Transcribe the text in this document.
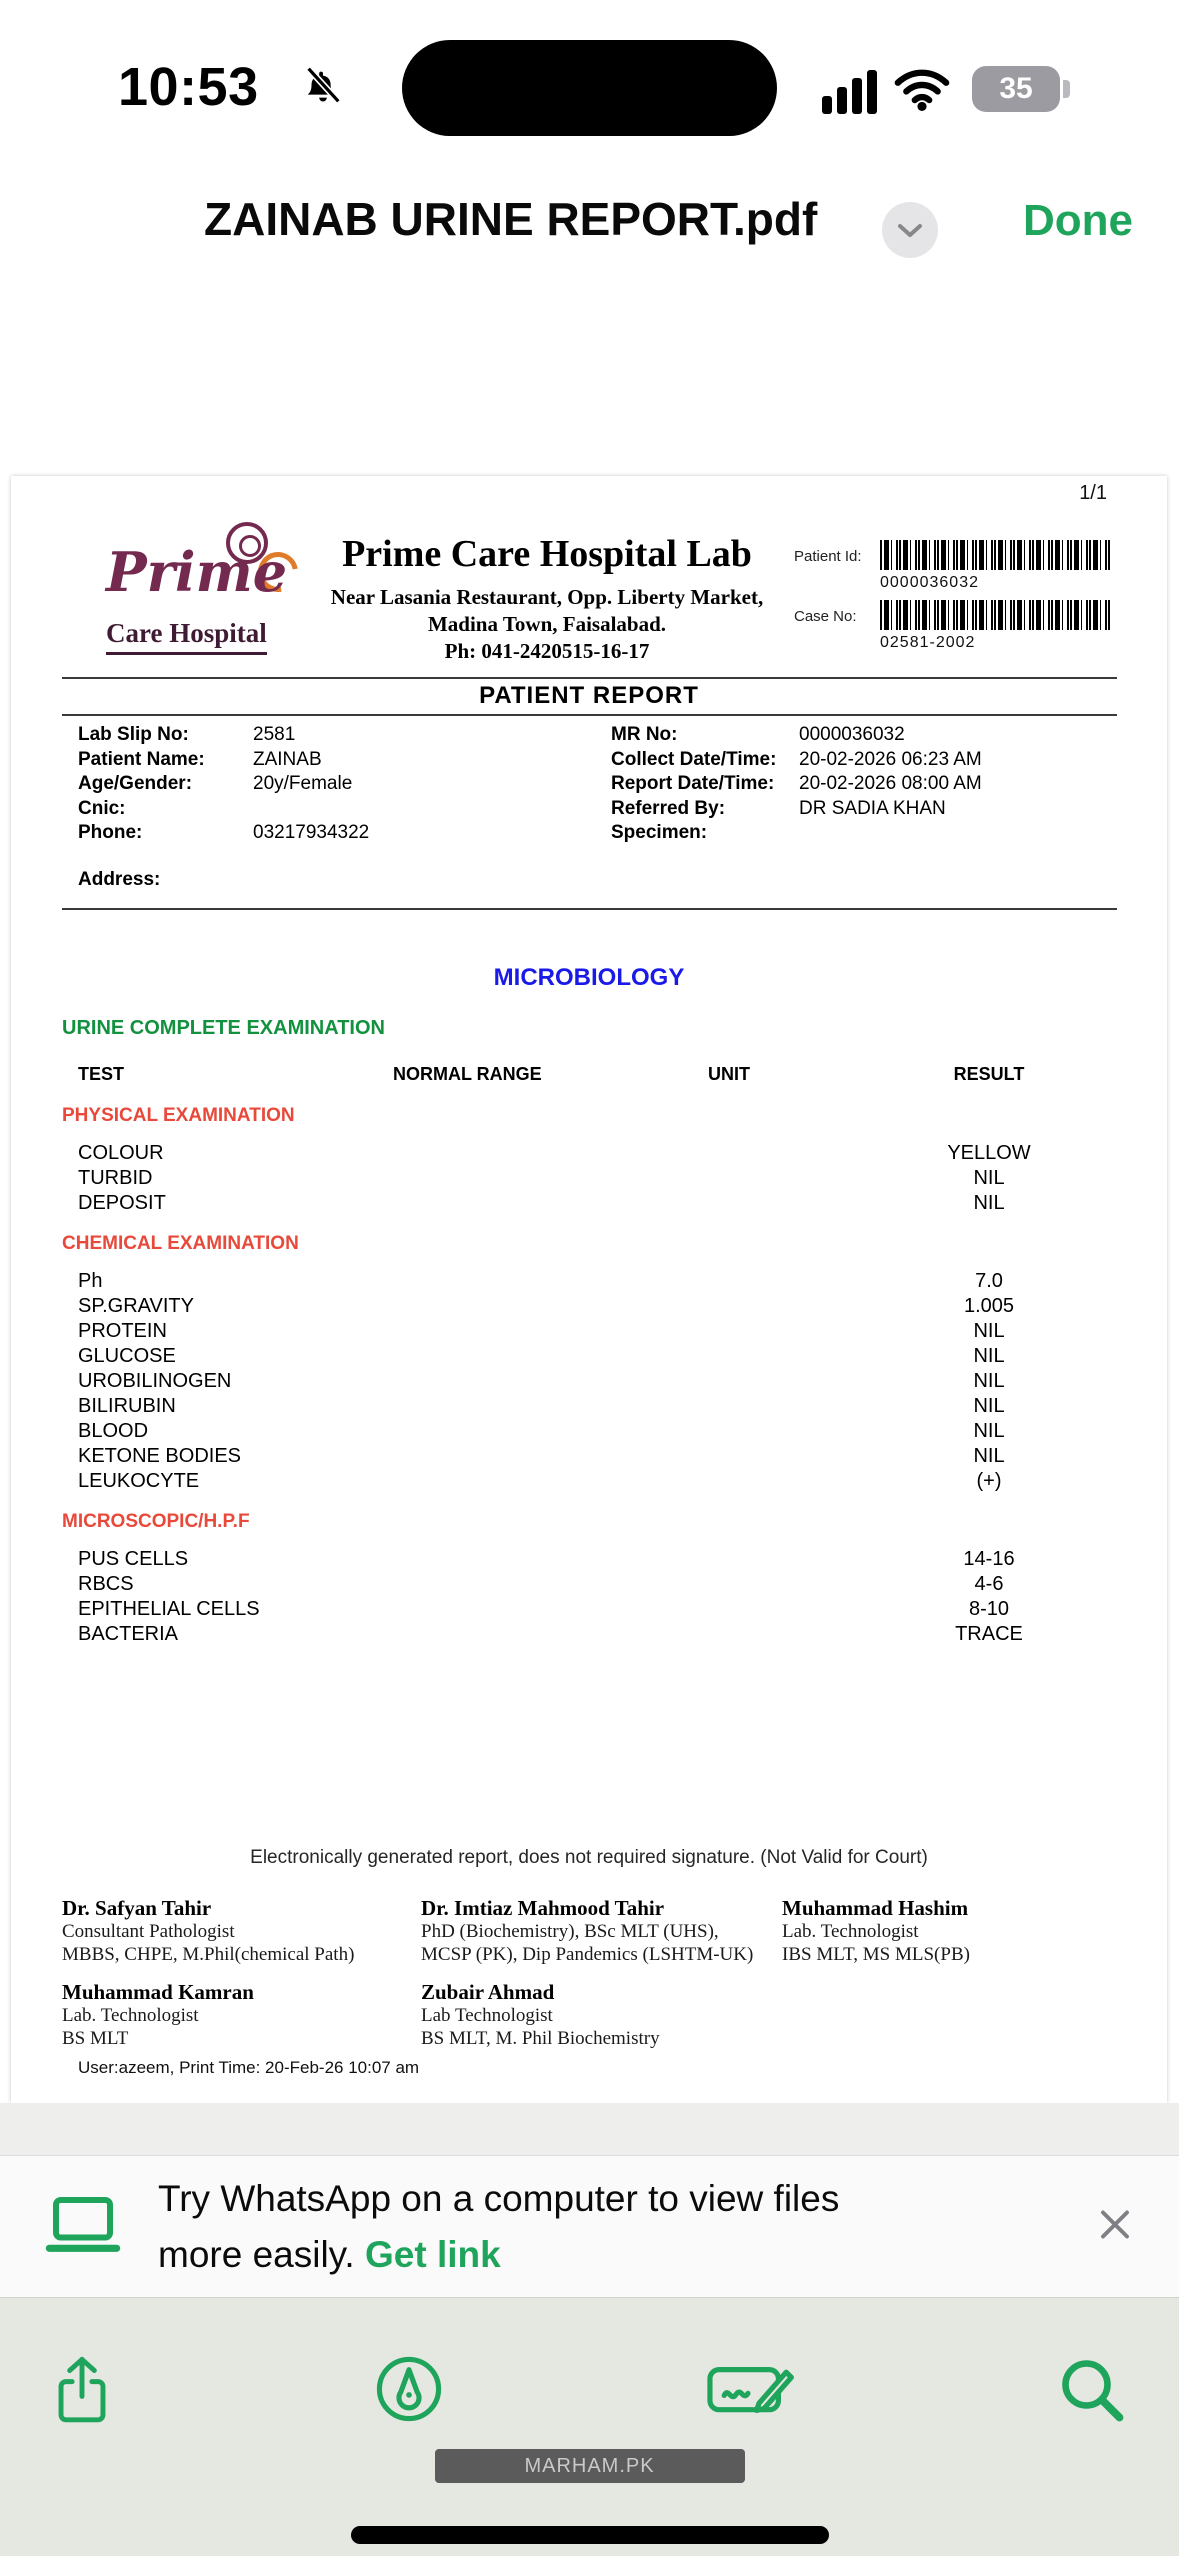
10:53	35
ZAINAB URINE REPORT.pdf	Done
1/1
Prime
Care Hospital
Prime Care Hospital Lab
Near Lasania Restaurant, Opp. Liberty Market,
Madina Town, Faisalabad.
Ph: 041-2420515-16-17
Patient Id:
0000036032
Case No:
02581-2002
PATIENT REPORT
Lab Slip No:	2581
Patient Name:	ZAINAB
Age/Gender:	20y/Female
Cnic:
Phone:	03217934322
Address:
MR No:	0000036032
Collect Date/Time: 20-02-2026 06:23 AM
Report Date/Time: 20-02-2026 08:00 AM
Referred By:	DR SADIA KHAN
Specimen:
MICROBIOLOGY
URINE COMPLETE EXAMINATION
TEST	NORMAL RANGE	UNIT	RESULT
PHYSICAL EXAMINATION
COLOUR	YELLOW
TURBID	NIL
DEPOSIT	NIL
CHEMICAL EXAMINATION
Ph	7.0
SP.GRAVITY	1.005
PROTEIN	NIL
GLUCOSE	NIL
UROBILINOGEN	NIL
BILIRUBIN	NIL
BLOOD	NIL
KETONE BODIES	NIL
LEUKOCYTE	(+)
MICROSCOPIC/H.P.F
PUS CELLS	14-16
RBCS	4-6
EPITHELIAL CELLS	8-10
BACTERIA	TRACE
Electronically generated report, does not required signature. (Not Valid for Court)
Dr. Safyan Tahir
Consultant Pathologist
MBBS, CHPE, M.Phil(chemical Path)
Dr. Imtiaz Mahmood Tahir
PhD (Biochemistry), BSc MLT (UHS),
MCSP (PK), Dip Pandemics (LSHTM-UK)
Muhammad Hashim
Lab. Technologist
IBS MLT, MS MLS(PB)
Muhammad Kamran
Lab. Technologist
BS MLT
Zubair Ahmad
Lab Technologist
BS MLT, M. Phil Biochemistry
User:azeem, Print Time: 20-Feb-26 10:07 am
Try WhatsApp on a computer to view files
more easily. Get link
MARHAM.PK
